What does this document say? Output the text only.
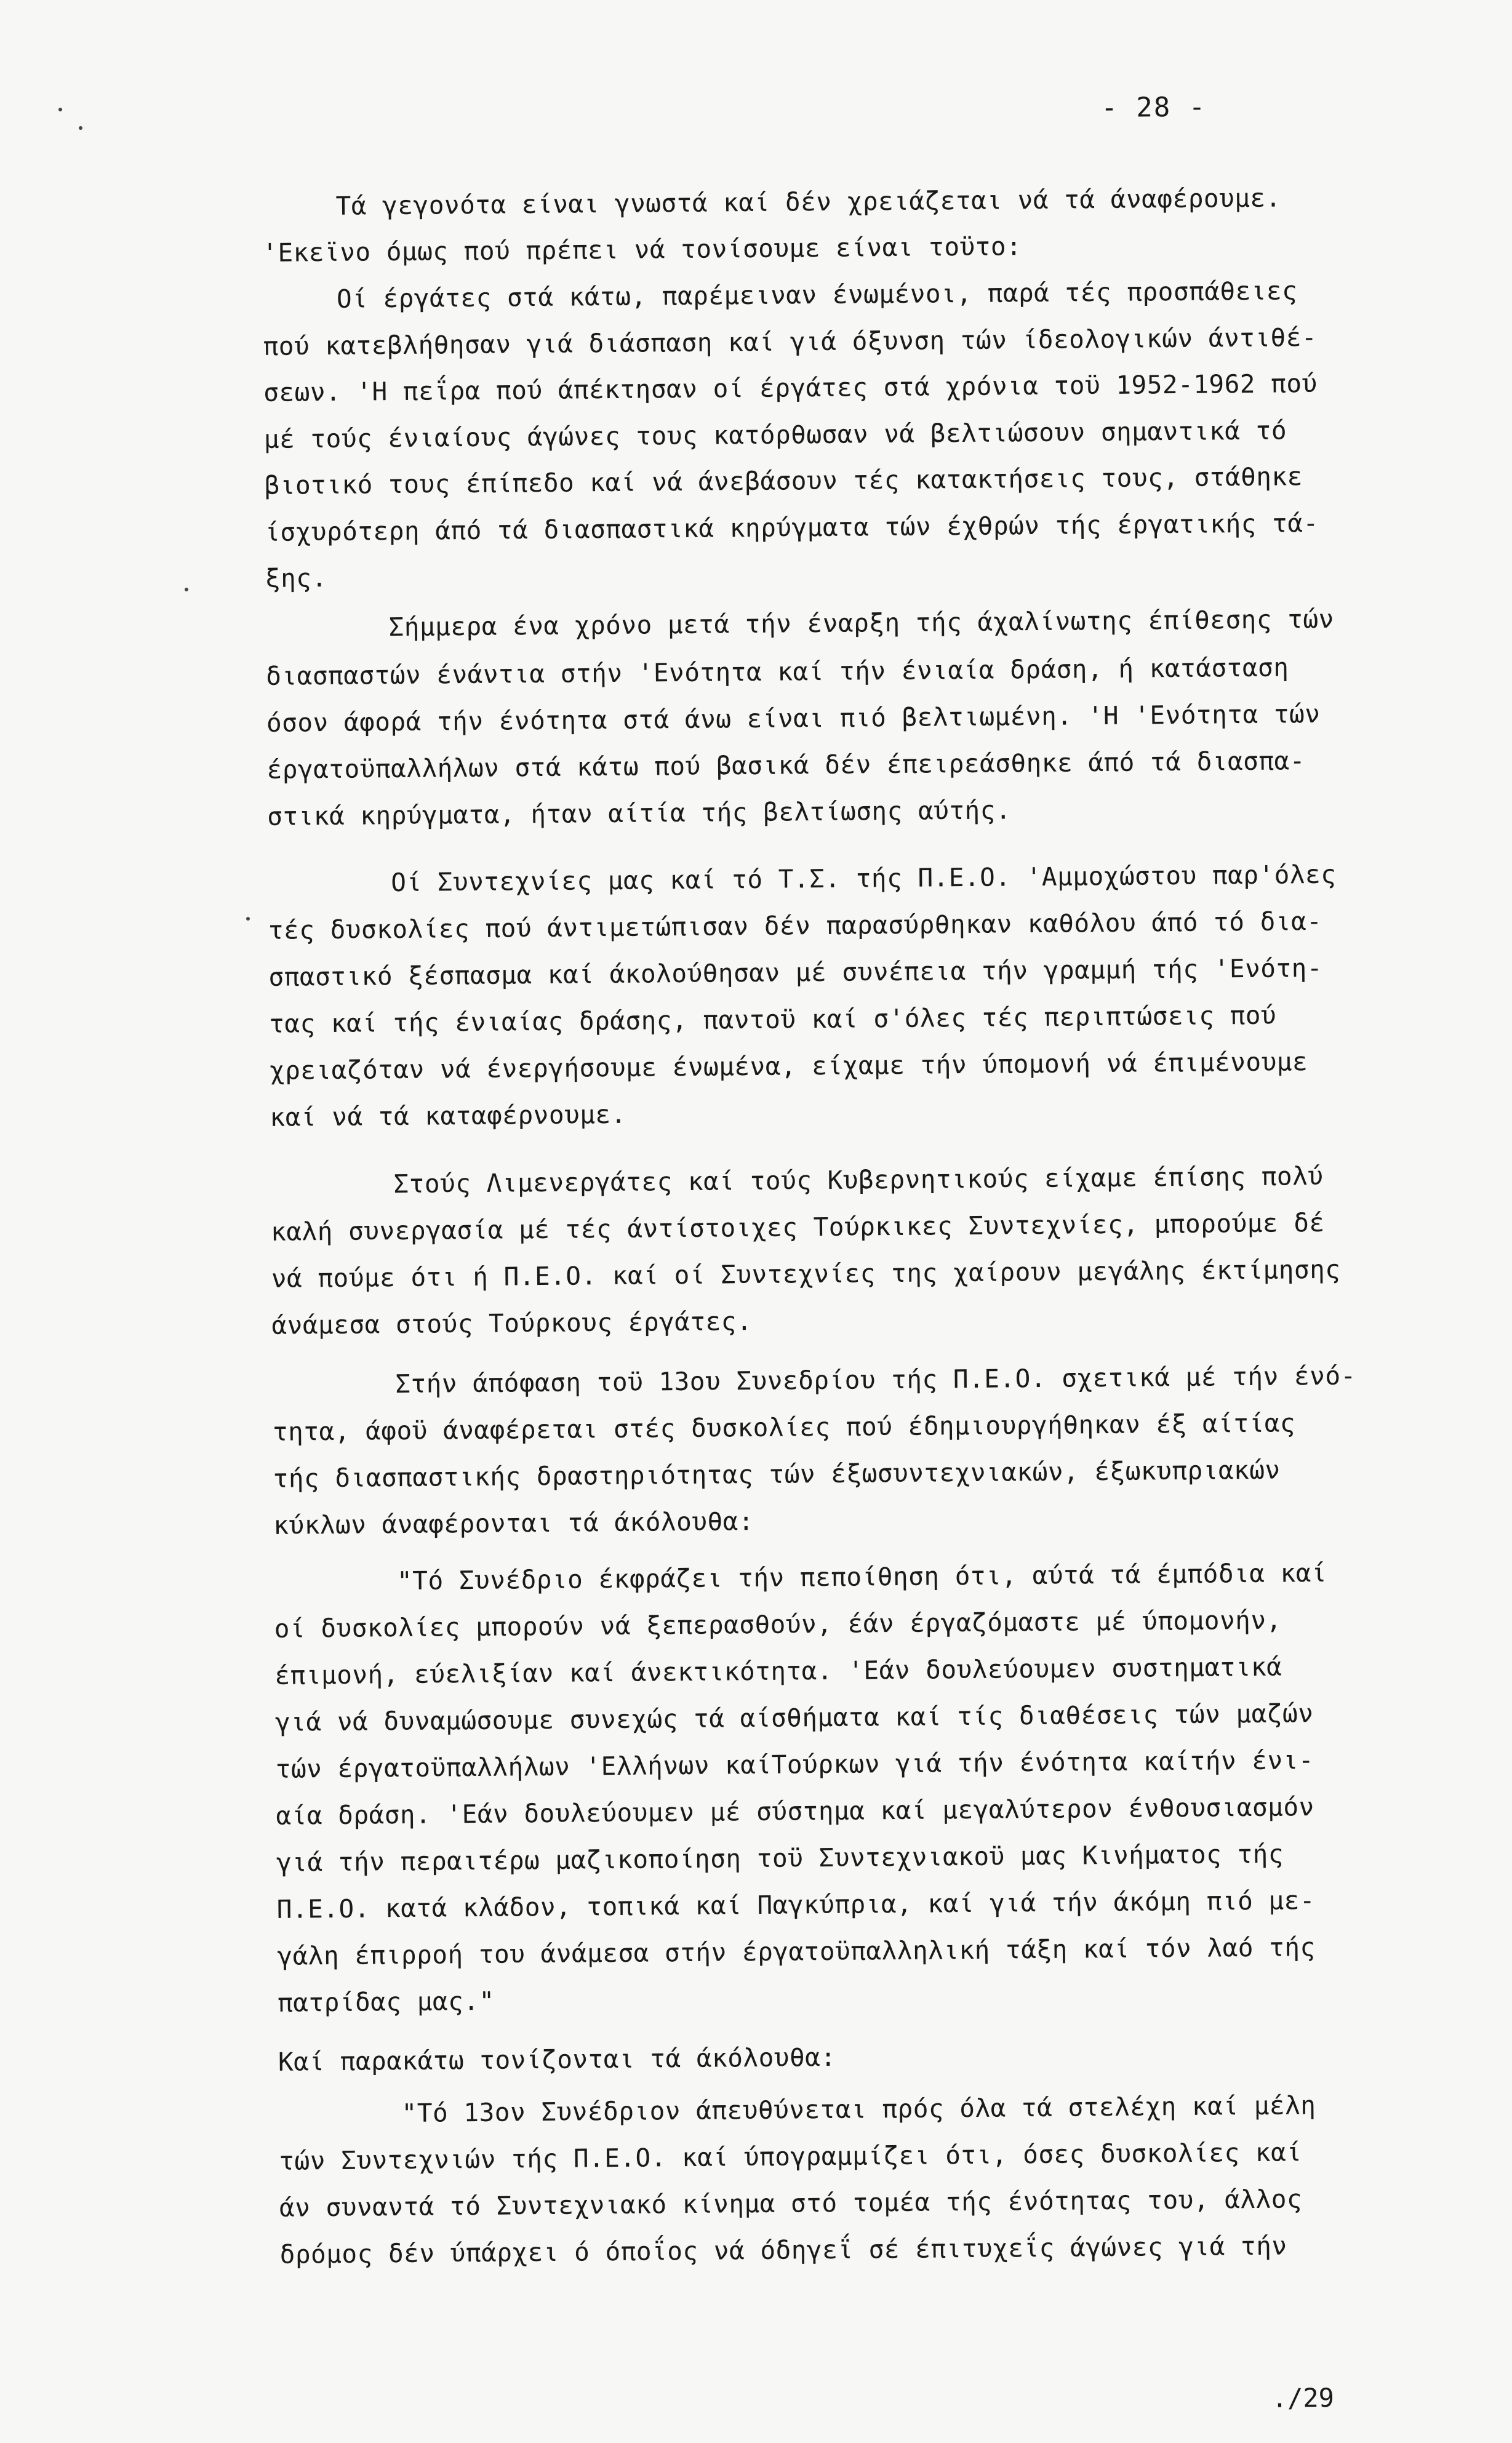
- 28 -
Τά γεγονότα είναι γνωστά καί δέν χρειάζεται νά τά άναφέρουμε.
'Εκεϊνο όμως πού πρέπει νά τονίσουμε είναι τοϋτο:
Οί έργάτες στά κάτω, παρέμειναν ένωμένοι, παρά τές προσπάθειες
πού κατεβλήθησαν γιά διάσπαση καί γιά όξυνση τών ίδεολογικών άντιθέ-
σεων. 'Η πεΐρα πού άπέκτησαν οί έργάτες στά χρόνια τοϋ 1952-1962 πού
μέ τούς ένιαίους άγώνες τους κατόρθωσαν νά βελτιώσουν σημαντικά τό
βιοτικό τους έπίπεδο καί νά άνεβάσουν τές κατακτήσεις τους, στάθηκε
ίσχυρότερη άπό τά διασπαστικά κηρύγματα τών έχθρών τής έργατικής τά-
ξης.
Σήμμερα ένα χρόνο μετά τήν έναρξη τής άχαλίνωτης έπίθεσης τών
διασπαστών ένάντια στήν 'Ενότητα καί τήν ένιαία δράση, ή κατάσταση
όσον άφορά τήν ένότητα στά άνω είναι πιό βελτιωμένη. 'Η 'Ενότητα τών
έργατοϋπαλλήλων στά κάτω πού βασικά δέν έπειρεάσθηκε άπό τά διασπα-
στικά κηρύγματα, ήταν αίτία τής βελτίωσης αύτής.
Οί Συντεχνίες μας καί τό Τ.Σ. τής Π.Ε.Ο. 'Αμμοχώστου παρ'όλες
τές δυσκολίες πού άντιμετώπισαν δέν παρασύρθηκαν καθόλου άπό τό δια-
σπαστικό ξέσπασμα καί άκολούθησαν μέ συνέπεια τήν γραμμή τής 'Ενότη-
τας καί τής ένιαίας δράσης, παντοϋ καί σ'όλες τές περιπτώσεις πού
χρειαζόταν νά ένεργήσουμε ένωμένα, είχαμε τήν ύπομονή νά έπιμένουμε
καί νά τά καταφέρνουμε.
Στούς Λιμενεργάτες καί τούς Κυβερνητικούς είχαμε έπίσης πολύ
καλή συνεργασία μέ τές άντίστοιχες Τούρκικες Συντεχνίες, μπορούμε δέ
νά πούμε ότι ή Π.Ε.Ο. καί οί Συντεχνίες της χαίρουν μεγάλης έκτίμησης
άνάμεσα στούς Τούρκους έργάτες.
Στήν άπόφαση τοϋ 13ου Συνεδρίου τής Π.Ε.Ο. σχετικά μέ τήν ένό-
τητα, άφοϋ άναφέρεται στές δυσκολίες πού έδημιουργήθηκαν έξ αίτίας
τής διασπαστικής δραστηριότητας τών έξωσυντεχνιακών, έξωκυπριακών
κύκλων άναφέρονται τά άκόλουθα:
"Τό Συνέδριο έκφράζει τήν πεποίθηση ότι, αύτά τά έμπόδια καί
οί δυσκολίες μπορούν νά ξεπερασθούν, έάν έργαζόμαστε μέ ύπομονήν,
έπιμονή, εύελιξίαν καί άνεκτικότητα. 'Εάν δουλεύουμεν συστηματικά
γιά νά δυναμώσουμε συνεχώς τά αίσθήματα καί τίς διαθέσεις τών μαζών
τών έργατοϋπαλλήλων 'Ελλήνων καίΤούρκων γιά τήν ένότητα καίτήν ένι-
αία δράση. 'Εάν δουλεύουμεν μέ σύστημα καί μεγαλύτερον ένθουσιασμόν
γιά τήν περαιτέρω μαζικοποίηση τοϋ Συντεχνιακοϋ μας Κινήματος τής
Π.Ε.Ο. κατά κλάδον, τοπικά καί Παγκύπρια, καί γιά τήν άκόμη πιό με-
γάλη έπιρροή του άνάμεσα στήν έργατοϋπαλληλική τάξη καί τόν λαό τής
πατρίδας μας."
Καί παρακάτω τονίζονται τά άκόλουθα:
"Τό 13ον Συνέδριον άπευθύνεται πρός όλα τά στελέχη καί μέλη
τών Συντεχνιών τής Π.Ε.Ο. καί ύπογραμμίζει ότι, όσες δυσκολίες καί
άν συναντά τό Συντεχνιακό κίνημα στό τομέα τής ένότητας του, άλλος
δρόμος δέν ύπάρχει ό όποΐος νά όδηγεΐ σέ έπιτυχεΐς άγώνες γιά τήν
./29
